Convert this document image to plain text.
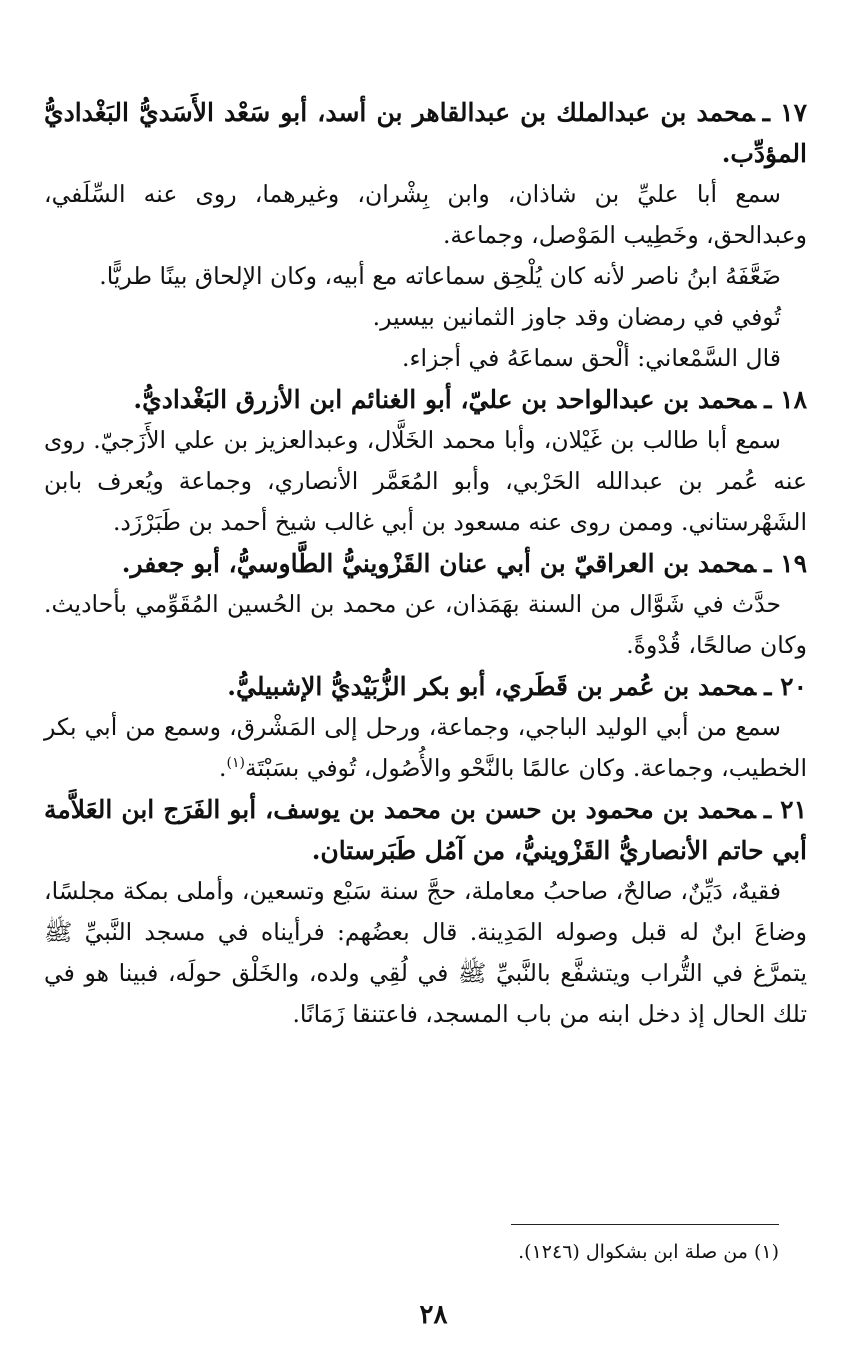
١٧ ـمحمد بن عبدالملك بن عبدالقاهر بن أسد، أبو سَعْد الأَسَديُّ البَغْداديُّ المؤدِّب.

سمع أبا عليِّ بن شاذان، وابن بِشْران، وغيرهما، روى عنه السِّلَفي، وعبدالحق، وخَطِيب المَوْصل، وجماعة.

ضَعَّفَهُ ابنُ ناصر لأنه كان يُلْحِق سماعاته مع أبيه، وكان الإلحاق بينًا طريًّا.

تُوفي في رمضان وقد جاوز الثمانين بيسير.

قال السَّمْعاني: ألْحق سماعَهُ في أجزاء.

١٨ ـمحمد بن عبدالواحد بن عليّ، أبو الغنائم ابن الأزرق البَغْداديُّ.

سمع أبا طالب بن غَيْلان، وأبا محمد الخَلَّال، وعبدالعزيز بن علي الأَزَجيّ. روى عنه عُمر بن عبدالله الحَرْبي، وأبو المُعَمَّر الأنصاري، وجماعة ويُعرف بابن الشَهْرستاني. وممن روى عنه مسعود بن أبي غالب شيخ أحمد بن طَبَرْزَد.

١٩ ـمحمد بن العراقيّ بن أبي عنان القَزْوينيُّ الطَّاوسيُّ، أبو جعفر.

حدَّث في شَوَّال من السنة بهَمَذان، عن محمد بن الحُسين المُقَوِّمي بأحاديث. وكان صالحًا، قُدْوةً.

٢٠ ـمحمد بن عُمر بن قَطَري، أبو بكر الزُّبَيْديُّ الإشبيليُّ.

سمع من أبي الوليد الباجي، وجماعة، ورحل إلى المَشْرق، وسمع من أبي بكر الخطيب، وجماعة. وكان عالمًا بالنَّحْو والأُصُول، تُوفي بسَبْتَة$^{(١)}$.

٢١ ـمحمد بن محمود بن حسن بن محمد بن يوسف، أبو الفَرَج ابن العَلاَّمة أبي حاتم الأنصاريُّ القَزْوينيُّ، من آمُل طَبَرستان.

فقيهٌ، دَيِّنٌ، صالحٌ، صاحبُ معاملة، حجَّ سنة سَبْع وتسعين، وأملى بمكة مجلسًا، وضاعَ ابنٌ له قبل وصوله المَدِينة. قال بعضُهم: فرأيناه في مسجد النَّبيِّ ﷺ يتمرَّغ في التُّراب ويتشفَّع بالنَّبيِّ ﷺ في لُقِي ولده، والخَلْق حولَه، فبينا هو في تلك الحال إذ دخل ابنه من باب المسجد، فاعتنقا زَمَانًا.

(١) من صلة ابن بشكوال (١٢٤٦).
٢٨
